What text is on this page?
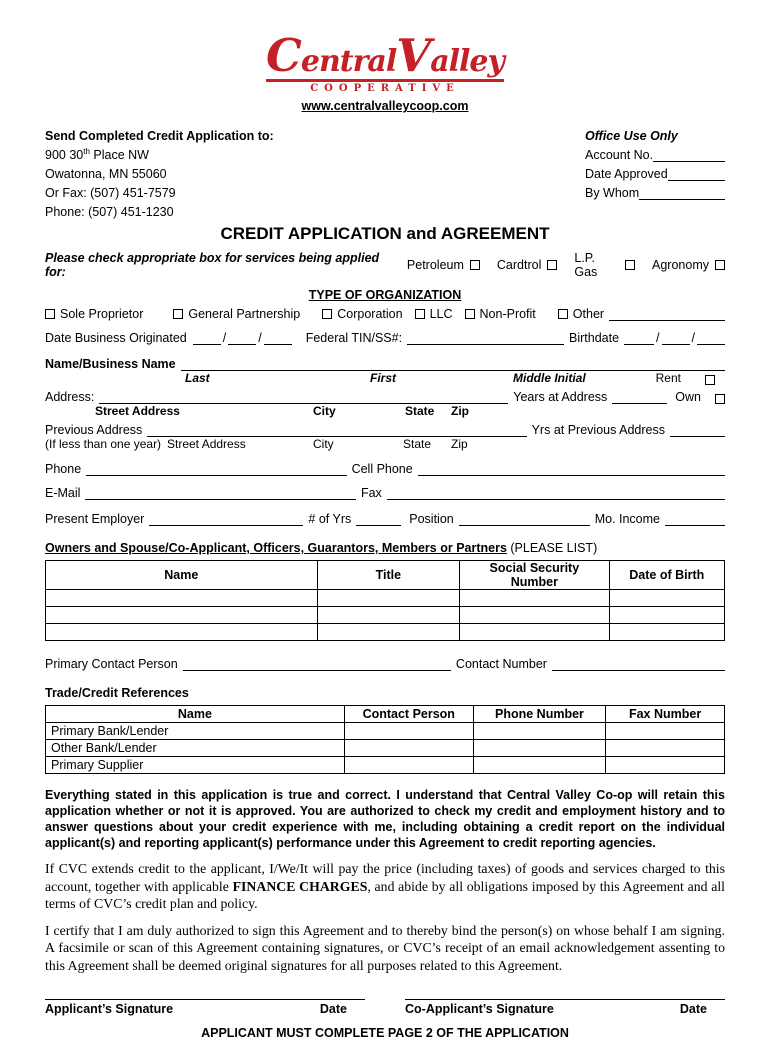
CentralValley
COOPERATIVE
www.centralvalleycoop.com
Send Completed Credit Application to:
900 30th Place NW
Owatonna, MN 55060
Or Fax: (507) 451-7579
Phone: (507) 451-1230
Office Use Only
Account No.
Date Approved
By Whom
CREDIT APPLICATION and AGREEMENT
Please check appropriate box for services being applied for:	Petroleum	Cardtrol	L.P. Gas	Agronomy
TYPE OF ORGANIZATION
Sole Proprietor	General Partnership	Corporation LLC Non-Profit	Other
Date Business Originated	/	/	Federal TIN/SS#:	Birthdate	/	/
Name/Business Name
Last	First	Middle Initial	Rent
Address:	Years at Address	Own
Street Address	City	State Zip
Previous Address	Yrs at Previous Address
(If less than one year) Street Address	City	State Zip
Phone	Cell Phone
E-Mail	Fax
Present Employer	# of Yrs	Position	Mo. Income
Owners and Spouse/Co-Applicant, Officers, Guarantors, Members or Partners (PLEASE LIST)
Name	Title	Social Security Number	Date of Birth

Primary Contact Person	Contact Number
Trade/Credit References
Name	Contact Person	Phone Number	Fax Number
Primary Bank/Lender			
Other Bank/Lender			
Primary Supplier			
Everything stated in this application is true and correct. I understand that Central Valley Co-op will retain this application whether or not it is approved. You are authorized to check my credit and employment history and to answer questions about your credit experience with me, including obtaining a credit report on the individual applicant(s) and reporting applicant(s) performance under this Agreement to credit reporting agencies.
If CVC extends credit to the applicant, I/We/It will pay the price (including taxes) of goods and services charged to this account, together with applicable FINANCE CHARGES, and abide by all obligations imposed by this Agreement and all terms of CVC’s credit plan and policy.
I certify that I am duly authorized to sign this Agreement and to thereby bind the person(s) on whose behalf I am signing. A facsimile or scan of this Agreement containing signatures, or CVC’s receipt of an email acknowledgement assenting to this Agreement shall be deemed original signatures for all purposes related to this Agreement.
Applicant’s Signature	Date	Co-Applicant’s Signature	Date
APPLICANT MUST COMPLETE PAGE 2 OF THE APPLICATION
